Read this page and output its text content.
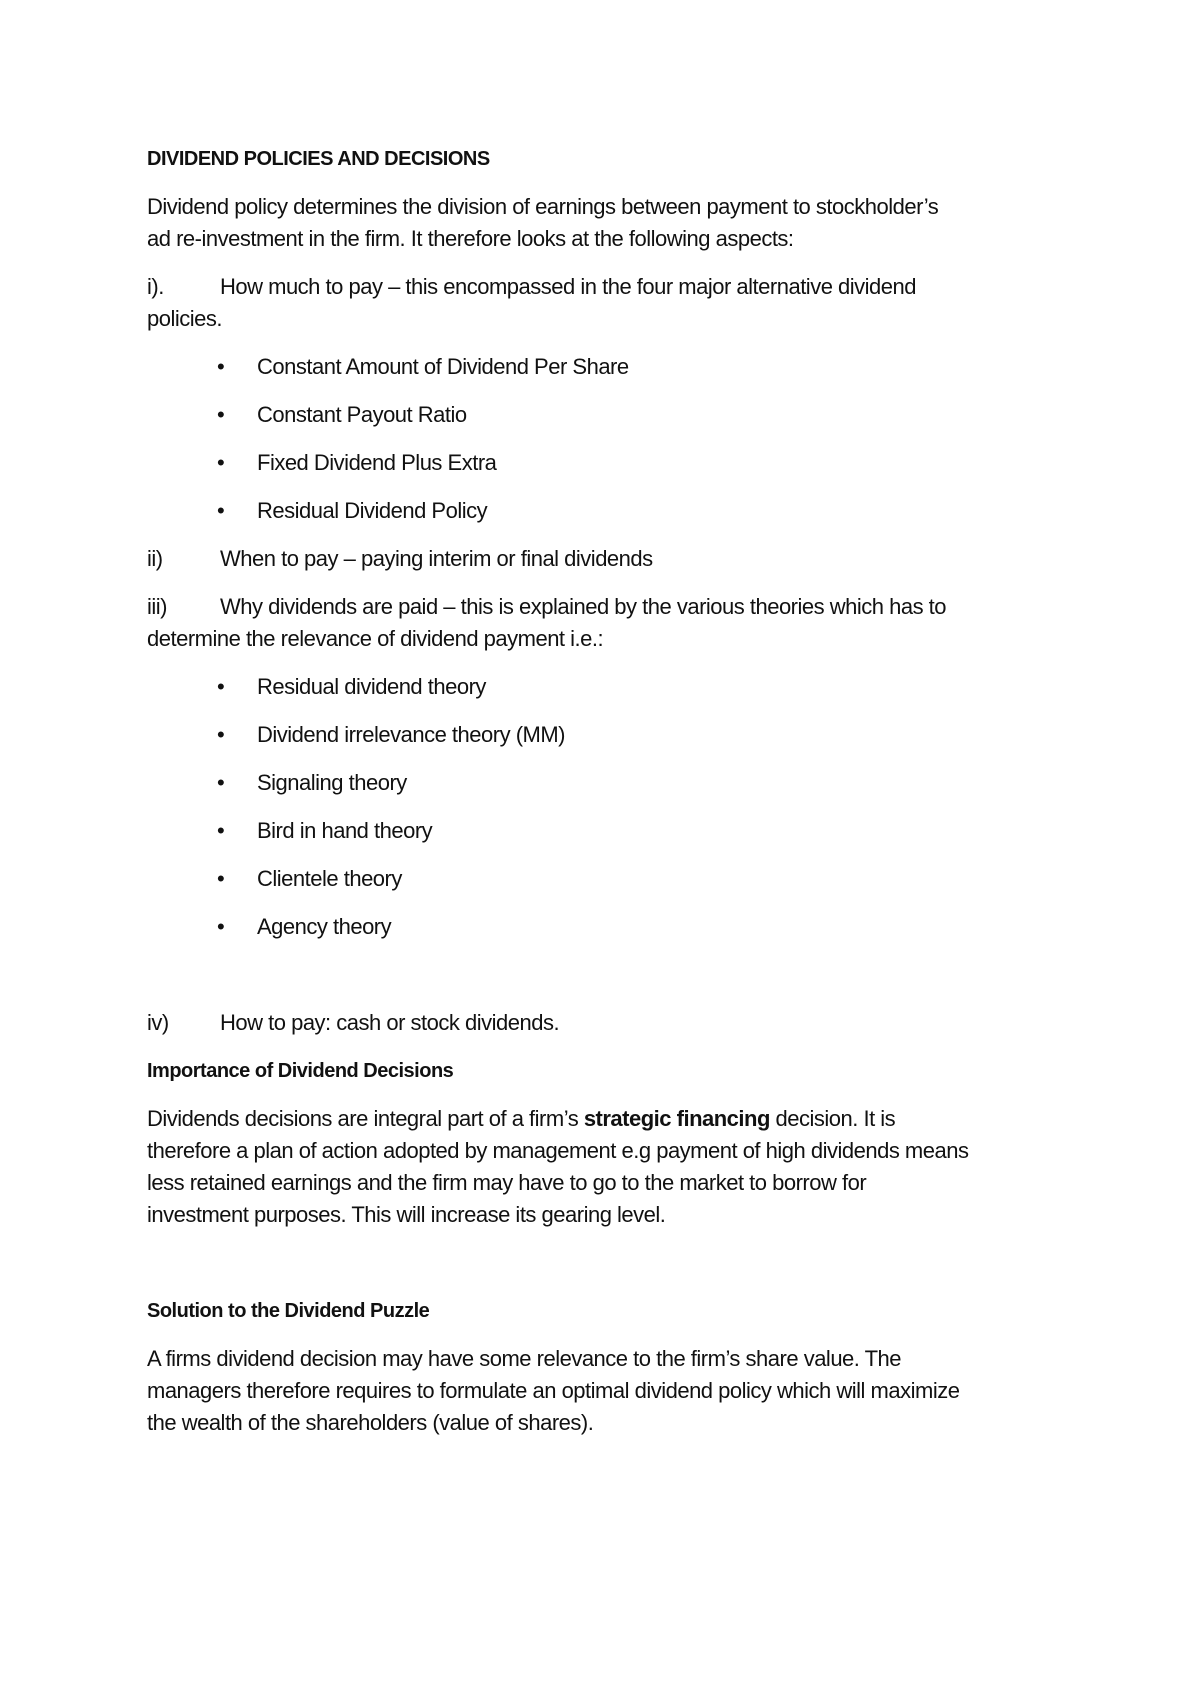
DIVIDEND POLICIES AND DECISIONS

Dividend policy determines the division of earnings between payment to stockholder’s
ad re-investment in the firm. It therefore looks at the following aspects:

i).	How much to pay – this encompassed in the four major alternative dividend
policies.

• Constant Amount of Dividend Per Share
• Constant Payout Ratio
• Fixed Dividend Plus Extra
• Residual Dividend Policy

ii)	When to pay – paying interim or final dividends

iii) Why dividends are paid – this is explained by the various theories which has to
determine the relevance of dividend payment i.e.:

• Residual dividend theory
• Dividend irrelevance theory (MM)
• Signaling theory
• Bird in hand theory
• Clientele theory
• Agency theory

iv) How to pay: cash or stock dividends.

Importance of Dividend Decisions

Dividends decisions are integral part of a firm’s strategic financing decision. It is
therefore a plan of action adopted by management e.g payment of high dividends means
less retained earnings and the firm may have to go to the market to borrow for
investment purposes. This will increase its gearing level.

Solution to the Dividend Puzzle

A firms dividend decision may have some relevance to the firm’s share value. The
managers therefore requires to formulate an optimal dividend policy which will maximize
the wealth of the shareholders (value of shares).
